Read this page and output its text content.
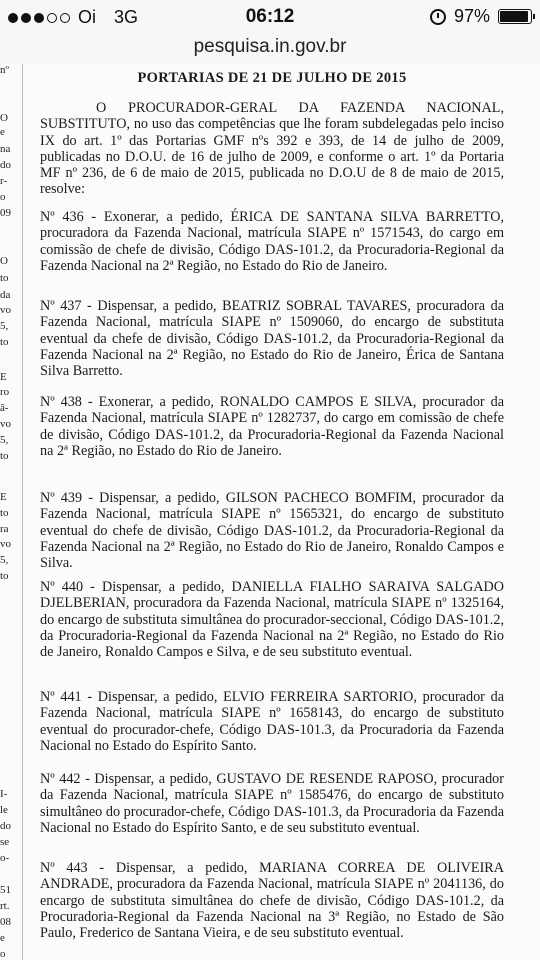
Oi 3G	06:12	97%
pesquisa.in.gov.br
nº
O
e
na
do
r-
o
09
O
to
da
vo
5,
to
E
ro
â-
vo
5,
to
E
to
ra
vo
5,
to
I-
le
do
se
o-
51
rt.
08
e
o
PORTARIAS DE 21 DE JULHO DE 2015
O PROCURADOR-GERAL DA FAZENDA NACIONAL, SUBSTITUTO, no uso das competências que lhe foram subdelegadas pelo inciso IX do art. 1º das Portarias GMF nºs 392 e 393, de 14 de julho de 2009, publicadas no D.O.U. de 16 de julho de 2009, e conforme o art. 1º da Portaria MF nº 236, de 6 de maio de 2015, publicada no D.O.U de 8 de maio de 2015, resolve:
Nº 436 - Exonerar, a pedido, ÉRICA DE SANTANA SILVA BARRETTO, procuradora da Fazenda Nacional, matrícula SIAPE nº 1571543, do cargo em comissão de chefe de divisão, Código DAS-101.2, da Procuradoria-Regional da Fazenda Nacional na 2ª Região, no Estado do Rio de Janeiro.
Nº 437 - Dispensar, a pedido, BEATRIZ SOBRAL TAVARES, procuradora da Fazenda Nacional, matrícula SIAPE nº 1509060, do encargo de substituta eventual da chefe de divisão, Código DAS-101.2, da Procuradoria-Regional da Fazenda Nacional na 2ª Região, no Estado do Rio de Janeiro, Érica de Santana Silva Barretto.
Nº 438 - Exonerar, a pedido, RONALDO CAMPOS E SILVA, procurador da Fazenda Nacional, matrícula SIAPE nº 1282737, do cargo em comissão de chefe de divisão, Código DAS-101.2, da Procuradoria-Regional da Fazenda Nacional na 2ª Região, no Estado do Rio de Janeiro.
Nº 439 - Dispensar, a pedido, GILSON PACHECO BOMFIM, procurador da Fazenda Nacional, matrícula SIAPE nº 1565321, do encargo de substituto eventual do chefe de divisão, Código DAS-101.2, da Procuradoria-Regional da Fazenda Nacional na 2ª Região, no Estado do Rio de Janeiro, Ronaldo Campos e Silva.
Nº 440 - Dispensar, a pedido, DANIELLA FIALHO SARAIVA SALGADO DJELBERIAN, procuradora da Fazenda Nacional, matrícula SIAPE nº 1325164, do encargo de substituta simultânea do procurador-seccional, Código DAS-101.2, da Procuradoria-Regional da Fazenda Nacional na 2ª Região, no Estado do Rio de Janeiro, Ronaldo Campos e Silva, e de seu substituto eventual.
Nº 441 - Dispensar, a pedido, ELVIO FERREIRA SARTORIO, procurador da Fazenda Nacional, matrícula SIAPE nº 1658143, do encargo de substituto eventual do procurador-chefe, Código DAS-101.3, da Procuradoria da Fazenda Nacional no Estado do Espírito Santo.
Nº 442 - Dispensar, a pedido, GUSTAVO DE RESENDE RAPOSO, procurador da Fazenda Nacional, matrícula SIAPE nº 1585476, do encargo de substituto simultâneo do procurador-chefe, Código DAS-101.3, da Procuradoria da Fazenda Nacional no Estado do Espírito Santo, e de seu substituto eventual.
Nº 443 - Dispensar, a pedido, MARIANA CORREA DE OLIVEIRA ANDRADE, procuradora da Fazenda Nacional, matrícula SIAPE nº 2041136, do encargo de substituta simultânea do chefe de divisão, Código DAS-101.2, da Procuradoria-Regional da Fazenda Nacional na 3ª Região, no Estado de São Paulo, Frederico de Santana Vieira, e de seu substituto eventual.
